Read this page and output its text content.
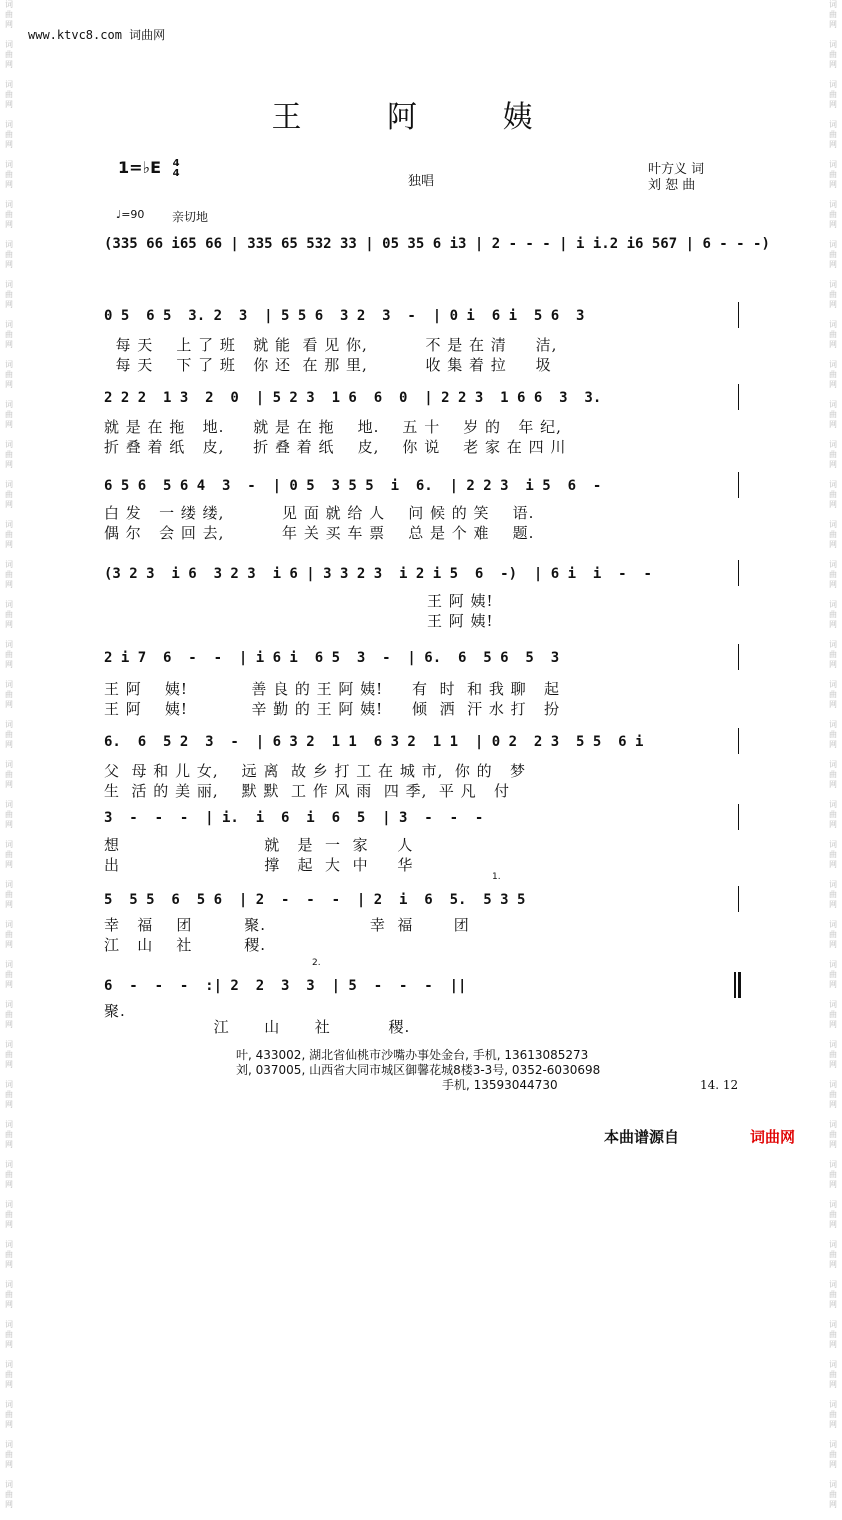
词
曲
网

词
曲
网

词
曲
网

词
曲
网

词
曲
网

词
曲
网

词
曲
网

词
曲
网

词
曲
网

词
曲
网

词
曲
网

词
曲
网

词
曲
网

词
曲
网

词
曲
网

词
曲
网

词
曲
网

词
曲
网

词
曲
网

词
曲
网

词
曲
网

词
曲
网

词
曲
网

词
曲
网

词
曲
网

词
曲
网

词
曲
网

词
曲
网

词
曲
网

词
曲
网

词
曲
网

词
曲
网

词
曲
网

词
曲
网

词
曲
网

词
曲
网

词
曲
网

词
曲
网

词
曲
网

词
曲
网

词
曲
网

词
曲
网

词
曲
网

词
曲
网

词
曲
网

词
曲
网

词
曲
网

词
曲
网

词
曲
网

词
曲
网

词
曲
网

词
曲
网

词
曲
网

词
曲
网

词
曲
网

词
曲
网

词
曲
网

词
曲
网

词
曲
网

词
曲
网

词
曲
网

词
曲
网

词
曲
网

词
曲
网

词
曲
网

词
曲
网

词
曲
网

词
曲
网

词
曲
网

词
曲
网

词
曲
网

词
曲
网

词
曲
网

词
曲
网

词
曲
网

词
曲
网

www.ktvc8.com 词曲网
王 阿 姨
1=♭E 4
4
独唱
叶方义 词
刘 恕 曲
♩=90 亲切地
(335 66 i65 66 | 335 65 532 33 | 05 35 6 i3 | 2 - - - | i i.2 i6 567 | 6 - - -)
0 5  6 5  3. 2  3  | 5 5 6  3 2  3  -  | 0 i  6 i  5 6  3
每 天    上 了 班   就 能  看 见 你,          不 是 在 清     洁,
每 天    下 了 班   你 还  在 那 里,          收 集 着 拉     圾
2 2 2  1 3  2  0  | 5 2 3  1 6  6  0  | 2 2 3  1 6 6  3  3.
就 是 在 拖   地.     就 是 在 拖    地.    五 十    岁 的   年 纪,
折 叠 着 纸   皮,     折 叠 着 纸    皮,    你 说    老 家 在 四 川
6 5 6  5 6 4  3  -  | 0 5  3 5 5  i  6.  | 2 2 3  i 5  6  -
白 发   一 缕 缕,          见 面 就 给 人    问 候 的 笑    语.
偶 尔   会 回 去,          年 关 买 车 票    总 是 个 难    题.
(3 2 3  i 6  3 2 3  i 6 | 3 3 2 3  i 2 i 5  6  -)  | 6 i  i  -  -
王 阿 姨!
王 阿 姨!
2 i 7  6  -  -  | i 6 i  6 5  3  -  | 6.  6  5 6  5  3
王 阿    姨!           善 良 的 王 阿 姨!     有  时  和 我 聊   起
王 阿    姨!           辛 勤 的 王 阿 姨!     倾  洒  汗 水 打   扮
6.  6  5 2  3  -  | 6 3 2  1 1  6 3 2  1 1  | 0 2  2 3  5 5  6 i
父  母 和 儿 女,    远 离  故 乡 打 工 在 城 市,  你 的   梦
生  活 的 美 丽,    默 默  工 作 风 雨  四 季,  平 凡   付
3  -  -  -  | i.  i  6  i  6  5  | 3  -  -  -
想                         就   是  一  家     人
出                         撑   起  大  中     华
1.
5  5 5  6  5 6  | 2  -  -  -  | 2  i  6  5.  5 3 5
幸   福    团         聚.                  幸  福       团
江   山    社         稷.
2.
6  -  -  -  :| 2  2  3  3  | 5  -  -  -  ||
聚.
江      山      社          稷.
叶, 433002, 湖北省仙桃市沙嘴办事处金台, 手机, 13613085273
刘, 037005, 山西省大同市城区御馨花城8楼3-3号, 0352-6030698
手机, 13593044730	14. 12
本曲谱源自	词曲网
